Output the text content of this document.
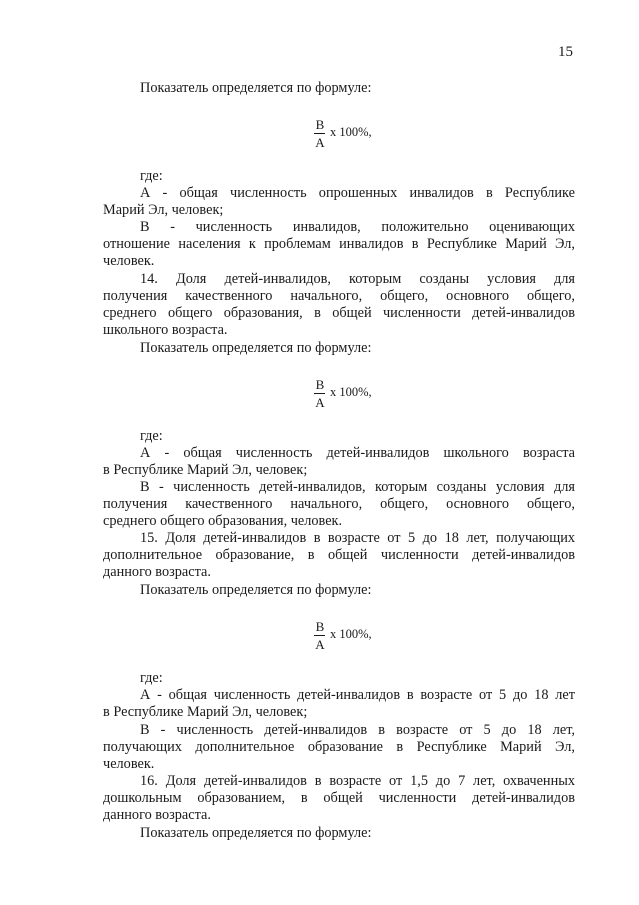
15
Показатель определяется по формуле:
B
A
х 100%,
где:
А - общая численность опрошенных инвалидов в Республике
Марий Эл, человек;
В - численность инвалидов, положительно оценивающих
отношение населения к проблемам инвалидов в Республике Марий Эл,
человек.
14. Доля детей-инвалидов, которым созданы условия для
получения качественного начального, общего, основного общего,
среднего общего образования, в общей численности детей-инвалидов
школьного возраста.
Показатель определяется по формуле:
B
A
х 100%,
где:
А - общая численность детей-инвалидов школьного возраста
в Республике Марий Эл, человек;
В - численность детей-инвалидов, которым созданы условия для
получения качественного начального, общего, основного общего,
среднего общего образования, человек.
15. Доля детей-инвалидов в возрасте от 5 до 18 лет, получающих
дополнительное образование, в общей численности детей-инвалидов
данного возраста.
Показатель определяется по формуле:
B
A
х 100%,
где:
А - общая численность детей-инвалидов в возрасте от 5 до 18 лет
в Республике Марий Эл, человек;
В - численность детей-инвалидов в возрасте от 5 до 18 лет,
получающих дополнительное образование в Республике Марий Эл,
человек.
16. Доля детей-инвалидов в возрасте от 1,5 до 7 лет, охваченных
дошкольным образованием, в общей численности детей-инвалидов
данного возраста.
Показатель определяется по формуле:
